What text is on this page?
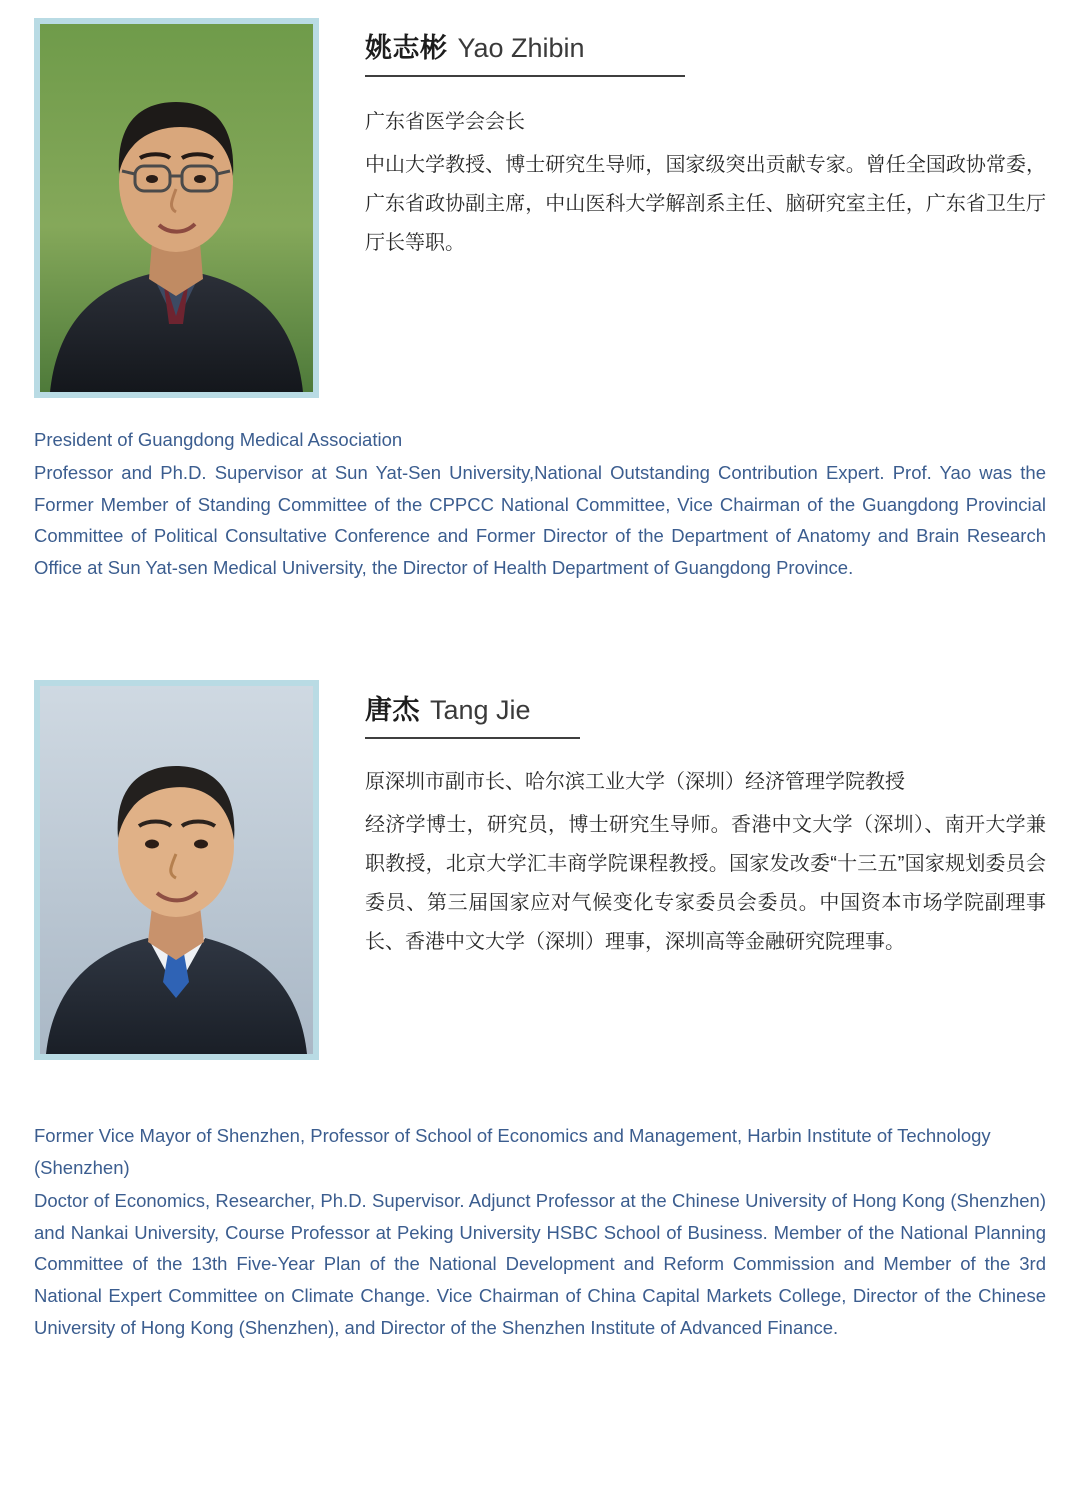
姚志彬 Yao Zhibin
广东省医学会会长
中山大学教授、博士研究生导师，国家级突出贡献专家。曾任全国政协常委，广东省政协副主席，中山医科大学解剖系主任、脑研究室主任，广东省卫生厅厅长等职。

President of Guangdong Medical Association

Professor and Ph.D. Supervisor at Sun Yat-Sen University,National Outstanding Contribution Expert. Prof. Yao was the Former Member of Standing Committee of the CPPCC National Committee, Vice Chairman of the Guangdong Provincial Committee of Political Consultative Conference and Former Director of the Department of Anatomy and Brain Research Office at Sun Yat-sen Medical University, the Director of Health Department of Guangdong Province.

唐杰 Tang Jie
原深圳市副市长、哈尔滨工业大学（深圳）经济管理学院教授
经济学博士，研究员，博士研究生导师。香港中文大学（深圳）、南开大学兼职教授，北京大学汇丰商学院课程教授。国家发改委“十三五”国家规划委员会委员、第三届国家应对气候变化专家委员会委员。中国资本市场学院副理事长、香港中文大学（深圳）理事，深圳高等金融研究院理事。

Former Vice Mayor of Shenzhen, Professor of School of Economics and Management, Harbin Institute of Technology (Shenzhen)

Doctor of Economics, Researcher, Ph.D. Supervisor. Adjunct Professor at the Chinese University of Hong Kong (Shenzhen) and Nankai University, Course Professor at Peking University HSBC School of Business. Member of the National Planning Committee of the 13th Five-Year Plan of the National Development and Reform Commission and Member of the 3rd National Expert Committee on Climate Change. Vice Chairman of China Capital Markets College, Director of the Chinese University of Hong Kong (Shenzhen), and Director of the Shenzhen Institute of Advanced Finance.
